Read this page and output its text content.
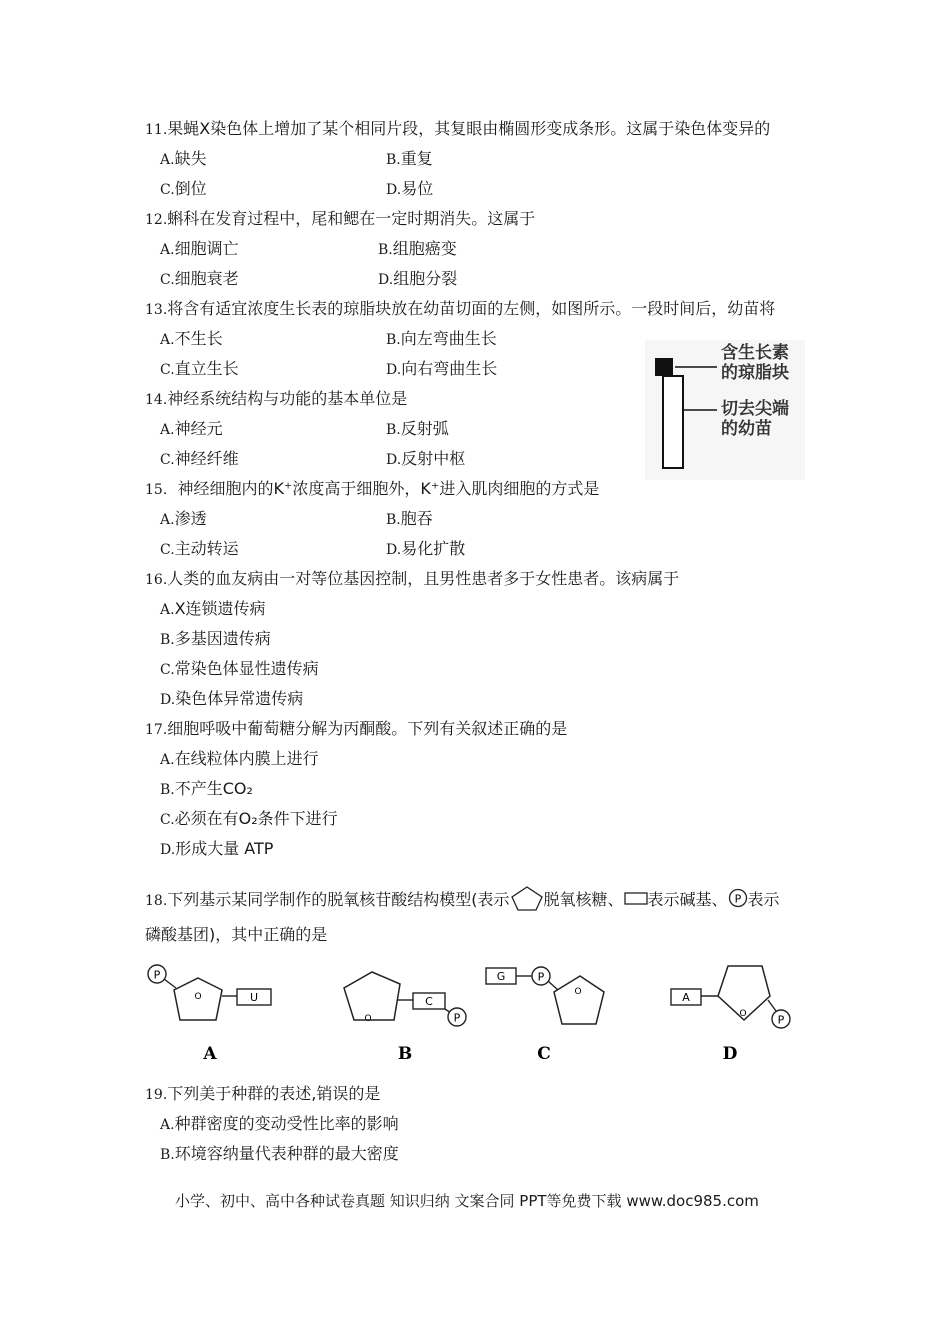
11.果蝇X染色体上增加了某个相同片段，其复眼由椭圆形变成条形。这属于染色体变异的
A.缺失	B.重复
C.倒位	D.易位
12.蝌科在发育过程中，尾和鳃在一定时期消失。这属于
A.细胞调亡	B.组胞癌变
C.细胞衰老	D.组胞分裂
13.将含有适宜浓度生长表的琼脂块放在幼苗切面的左侧，如图所示。一段时间后，幼苗将
A.不生长	B.向左弯曲生长
C.直立生长	D.向右弯曲生长
含生长素
的琼脂块
切去尖端
的幼苗
14.神经系统结构与功能的基本单位是
A.神经元	B.反射弧
C.神经纤维	D.反射中枢
15. 神经细胞内的K⁺浓度高于细胞外，K⁺进入肌肉细胞的方式是
A.渗透	B.胞吞
C.主动转运	D.易化扩散
16.人类的血友病由一对等位基因控制，且男性患者多于女性患者。该病属于
A.X连锁遗传病
B.多基因遗传病
C.常染色体显性遗传病
D.染色体异常遗传病
17.细胞呼吸中葡萄糖分解为丙酮酸。下列有关叙述正确的是
A.在线粒体内膜上进行
B.不产生CO₂
C.必须在有O₂条件下进行
D.形成大量 ATP
18.下列基示某同学制作的脱氧核苷酸结构模型(表示 脱氧核糖、 表示碱基、 P 表示
磷酸基团)，其中正确的是
P
O	U
A
O
C
P
B
G	P
O
C
A
O	P
D
19.下列美于种群的表述,销误的是
A.种群密度的变动受性比率的影响
B.环境容纳量代表种群的最大密度
小学、初中、高中各种试卷真题 知识归纳 文案合同 PPT等免费下载 www.doc985.com
